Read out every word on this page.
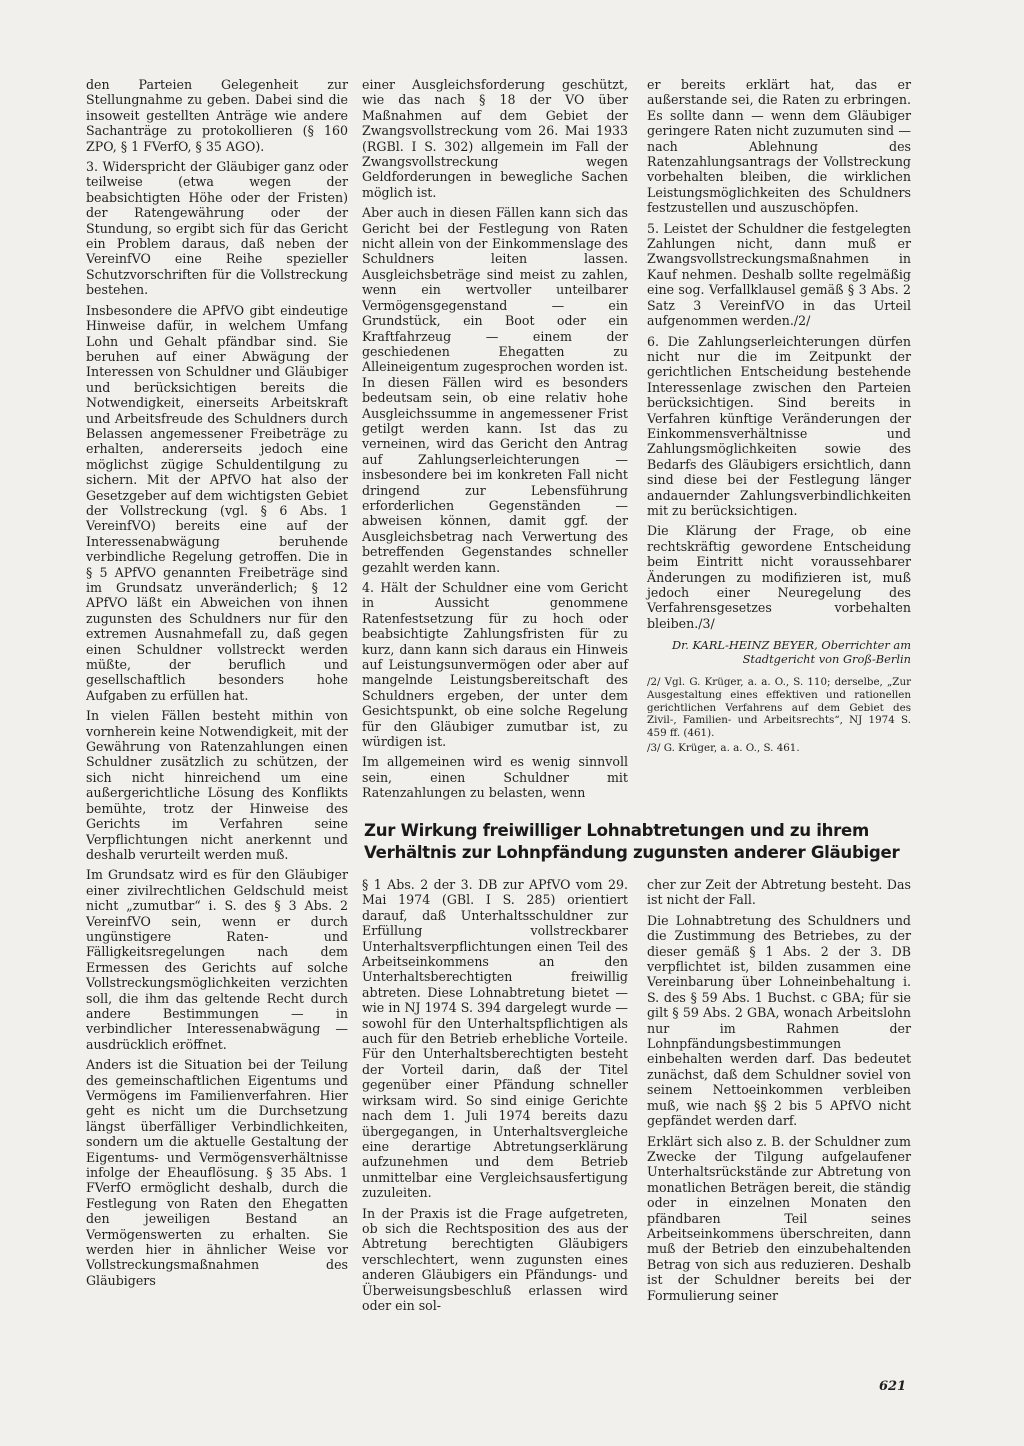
den Parteien Gelegenheit zur Stellungnahme zu geben. Dabei sind die insoweit gestellten Anträge wie andere Sachanträge zu protokollieren (§ 160 ZPO, § 1 FVerfO, § 35 AGO).

3. Widerspricht der Gläubiger ganz oder teilweise (etwa wegen der beabsichtigten Höhe oder der Fristen) der Ratengewährung oder der Stundung, so ergibt sich für das Gericht ein Problem daraus, daß neben der VereinfVO eine Reihe spezieller Schutzvorschriften für die Vollstreckung bestehen.

Insbesondere die APfVO gibt eindeutige Hinweise dafür, in welchem Umfang Lohn und Gehalt pfändbar sind. Sie beruhen auf einer Abwägung der Interessen von Schuldner und Gläubiger und berücksichtigen bereits die Notwendigkeit, einerseits Arbeitskraft und Arbeitsfreude des Schuldners durch Belassen angemessener Freibeträge zu erhalten, andererseits jedoch eine möglichst zügige Schuldentilgung zu sichern. Mit der APfVO hat also der Gesetzgeber auf dem wichtigsten Gebiet der Vollstreckung (vgl. § 6 Abs. 1 VereinfVO) bereits eine auf der Interessenabwägung beruhende verbindliche Regelung getroffen. Die in § 5 APfVO genannten Freibeträge sind im Grundsatz unveränderlich; § 12 APfVO läßt ein Abweichen von ihnen zugunsten des Schuldners nur für den extremen Ausnahmefall zu, daß gegen einen Schuldner vollstreckt werden müßte, der beruflich und gesellschaftlich besonders hohe Aufgaben zu erfüllen hat.

In vielen Fällen besteht mithin von vornherein keine Notwendigkeit, mit der Gewährung von Ratenzahlungen einen Schuldner zusätzlich zu schützen, der sich nicht hinreichend um eine außergerichtliche Lösung des Konflikts bemühte, trotz der Hinweise des Gerichts im Verfahren seine Verpflichtungen nicht anerkennt und deshalb verurteilt werden muß.

Im Grundsatz wird es für den Gläubiger einer zivilrechtlichen Geldschuld meist nicht „zumutbar“ i. S. des § 3 Abs. 2 VereinfVO sein, wenn er durch ungünstigere Raten- und Fälligkeitsregelungen nach dem Ermessen des Gerichts auf solche Vollstreckungsmöglichkeiten verzichten soll, die ihm das geltende Recht durch andere Bestimmungen — in verbindlicher Interessenabwägung — ausdrücklich eröffnet.

Anders ist die Situation bei der Teilung des gemeinschaftlichen Eigentums und Vermögens im Familienverfahren. Hier geht es nicht um die Durchsetzung längst überfälliger Verbindlichkeiten, sondern um die aktuelle Gestaltung der Eigentums- und Vermögensverhältnisse infolge der Eheauflösung. § 35 Abs. 1 FVerfO ermöglicht deshalb, durch die Festlegung von Raten den Ehegatten den jeweiligen Bestand an Vermögenswerten zu erhalten. Sie werden hier in ähnlicher Weise vor Vollstreckungsmaßnahmen des Gläubigers

einer Ausgleichsforderung geschützt, wie das nach § 18 der VO über Maßnahmen auf dem Gebiet der Zwangsvollstreckung vom 26. Mai 1933 (RGBl. I S. 302) allgemein im Fall der Zwangsvollstreckung wegen Geldforderungen in bewegliche Sachen möglich ist.

Aber auch in diesen Fällen kann sich das Gericht bei der Festlegung von Raten nicht allein von der Einkommenslage des Schuldners leiten lassen. Ausgleichsbeträge sind meist zu zahlen, wenn ein wertvoller unteilbarer Vermögensgegenstand — ein Grundstück, ein Boot oder ein Kraftfahrzeug — einem der geschiedenen Ehegatten zu Alleineigentum zugesprochen worden ist. In diesen Fällen wird es besonders bedeutsam sein, ob eine relativ hohe Ausgleichssumme in angemessener Frist getilgt werden kann. Ist das zu verneinen, wird das Gericht den Antrag auf Zahlungserleichterungen — insbesondere bei im konkreten Fall nicht dringend zur Lebensführung erforderlichen Gegenständen — abweisen können, damit ggf. der Ausgleichsbetrag nach Verwertung des betreffenden Gegenstandes schneller gezahlt werden kann.

4. Hält der Schuldner eine vom Gericht in Aussicht genommene Ratenfestsetzung für zu hoch oder beabsichtigte Zahlungsfristen für zu kurz, dann kann sich daraus ein Hinweis auf Leistungsunvermögen oder aber auf mangelnde Leistungsbereitschaft des Schuldners ergeben, der unter dem Gesichtspunkt, ob eine solche Regelung für den Gläubiger zumutbar ist, zu würdigen ist.

Im allgemeinen wird es wenig sinnvoll sein, einen Schuldner mit Ratenzahlungen zu belasten, wenn

er bereits erklärt hat, das er außerstande sei, die Raten zu erbringen. Es sollte dann — wenn dem Gläubiger geringere Raten nicht zuzumuten sind — nach Ablehnung des Ratenzahlungsantrags der Vollstreckung vorbehalten bleiben, die wirklichen Leistungsmöglichkeiten des Schuldners festzustellen und auszuschöpfen.

5. Leistet der Schuldner die festgelegten Zahlungen nicht, dann muß er Zwangsvollstreckungsmaßnahmen in Kauf nehmen. Deshalb sollte regelmäßig eine sog. Verfallklausel gemäß § 3 Abs. 2 Satz 3 VereinfVO in das Urteil aufgenommen werden./2/

6. Die Zahlungserleichterungen dürfen nicht nur die im Zeitpunkt der gerichtlichen Entscheidung bestehende Interessenlage zwischen den Parteien berücksichtigen. Sind bereits in Verfahren künftige Veränderungen der Einkommensverhältnisse und Zahlungsmöglichkeiten sowie des Bedarfs des Gläubigers ersichtlich, dann sind diese bei der Festlegung länger andauernder Zahlungsverbindlichkeiten mit zu berücksichtigen.

Die Klärung der Frage, ob eine rechtskräftig gewordene Entscheidung beim Eintritt nicht voraussehbarer Änderungen zu modifizieren ist, muß jedoch einer Neuregelung des Verfahrensgesetzes vorbehalten bleiben./3/

Dr. KARL-HEINZ BEYER, Oberrichter am Stadtgericht von Groß-Berlin

/2/ Vgl. G. Krüger, a. a. O., S. 110; derselbe, „Zur Ausgestaltung eines effektiven und rationellen gerichtlichen Verfahrens auf dem Gebiet des Zivil-, Familien- und Arbeitsrechts“, NJ 1974 S. 459 ff. (461).

/3/ G. Krüger, a. a. O., S. 461.

Zur Wirkung freiwilliger Lohnabtretungen und zu ihrem Verhältnis zur Lohnpfändung zugunsten anderer Gläubiger

§ 1 Abs. 2 der 3. DB zur APfVO vom 29. Mai 1974 (GBl. I S. 285) orientiert darauf, daß Unterhaltsschuldner zur Erfüllung vollstreckbarer Unterhaltsverpflichtungen einen Teil des Arbeitseinkommens an den Unterhaltsberechtigten freiwillig abtreten. Diese Lohnabtretung bietet — wie in NJ 1974 S. 394 dargelegt wurde — sowohl für den Unterhaltspflichtigen als auch für den Betrieb erhebliche Vorteile. Für den Unterhaltsberechtigten besteht der Vorteil darin, daß der Titel gegenüber einer Pfändung schneller wirksam wird. So sind einige Gerichte nach dem 1. Juli 1974 bereits dazu übergegangen, in Unterhaltsvergleiche eine derartige Abtretungserklärung aufzunehmen und dem Betrieb unmittelbar eine Vergleichsausfertigung zuzuleiten.

In der Praxis ist die Frage aufgetreten, ob sich die Rechtsposition des aus der Abtretung berechtigten Gläubigers verschlechtert, wenn zugunsten eines anderen Gläubigers ein Pfändungs- und Überweisungsbeschluß erlassen wird oder ein sol-

cher zur Zeit der Abtretung besteht. Das ist nicht der Fall.

Die Lohnabtretung des Schuldners und die Zustimmung des Betriebes, zu der dieser gemäß § 1 Abs. 2 der 3. DB verpflichtet ist, bilden zusammen eine Vereinbarung über Lohneinbehaltung i. S. des § 59 Abs. 1 Buchst. c GBA; für sie gilt § 59 Abs. 2 GBA, wonach Arbeitslohn nur im Rahmen der Lohnpfändungsbestimmungen einbehalten werden darf. Das bedeutet zunächst, daß dem Schuldner soviel von seinem Nettoeinkommen verbleiben muß, wie nach §§ 2 bis 5 APfVO nicht gepfändet werden darf.

Erklärt sich also z. B. der Schuldner zum Zwecke der Tilgung aufgelaufener Unterhaltsrückstände zur Abtretung von monatlichen Beträgen bereit, die ständig oder in einzelnen Monaten den pfändbaren Teil seines Arbeitseinkommens überschreiten, dann muß der Betrieb den einzubehaltenden Betrag von sich aus reduzieren. Deshalb ist der Schuldner bereits bei der Formulierung seiner

621
